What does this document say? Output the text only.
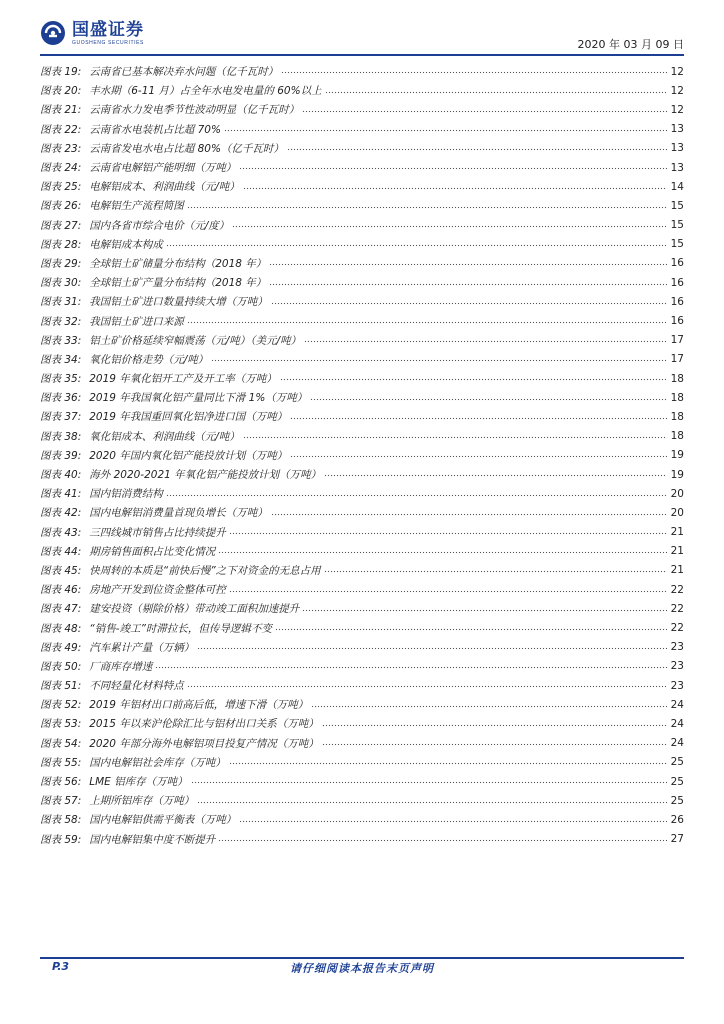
国盛证券
GUOSHENG SECURITIES	2020 年 03 月 09 日
图表 19: 云南省已基本解决弃水问题（亿千瓦时）	12
图表 20: 丰水期（6-11 月）占全年水电发电量的 60%以上	12
图表 21: 云南省水力发电季节性波动明显（亿千瓦时）	12
图表 22: 云南省水电装机占比超 70%	13
图表 23: 云南省发电水电占比超 80%（亿千瓦时）	13
图表 24: 云南省电解铝产能明细（万吨）	13
图表 25: 电解铝成本、利润曲线（元/吨）	14
图表 26: 电解铝生产流程简图	15
图表 27: 国内各省市综合电价（元/度）	15
图表 28: 电解铝成本构成	15
图表 29: 全球铝土矿储量分布结构（2018 年）	16
图表 30: 全球铝土矿产量分布结构（2018 年）	16
图表 31: 我国铝土矿进口数量持续大增（万吨）	16
图表 32: 我国铝土矿进口来源	16
图表 33: 铝土矿价格延续窄幅震荡（元/吨）（美元/吨）	17
图表 34: 氧化铝价格走势（元/吨）	17
图表 35: 2019 年氧化铝开工产及开工率（万吨）	18
图表 36: 2019 年我国氧化铝产量同比下滑 1%（万吨）	18
图表 37: 2019 年我国重回氧化铝净进口国（万吨）	18
图表 38: 氧化铝成本、利润曲线（元/吨）	18
图表 39: 2020 年国内氧化铝产能投放计划（万吨）	19
图表 40: 海外 2020-2021 年氧化铝产能投放计划（万吨）	19
图表 41: 国内铝消费结构	20
图表 42: 国内电解铝消费量首现负增长（万吨）	20
图表 43: 三四线城市销售占比持续提升	21
图表 44: 期房销售面积占比变化情况	21
图表 45: 快周转的本质是“前快后慢”之下对资金的无息占用	21
图表 46: 房地产开发到位资金整体可控	22
图表 47: 建安投资（剔除价格）带动竣工面积加速提升	22
图表 48: “销售-竣工”时滞拉长，但传导逻辑不变	22
图表 49: 汽车累计产量（万辆）	23
图表 50: 厂商库存增速	23
图表 51: 不同轻量化材料特点	23
图表 52: 2019 年铝材出口前高后低，增速下滑（万吨）	24
图表 53: 2015 年以来沪伦除汇比与铝材出口关系（万吨）	24
图表 54: 2020 年部分海外电解铝项目投复产情况（万吨）	24
图表 55: 国内电解铝社会库存（万吨）	25
图表 56: LME 铝库存（万吨）	25
图表 57: 上期所铝库存（万吨）	25
图表 58: 国内电解铝供需平衡表（万吨）	26
图表 59: 国内电解铝集中度不断提升	27
P.3	请仔细阅读本报告末页声明
